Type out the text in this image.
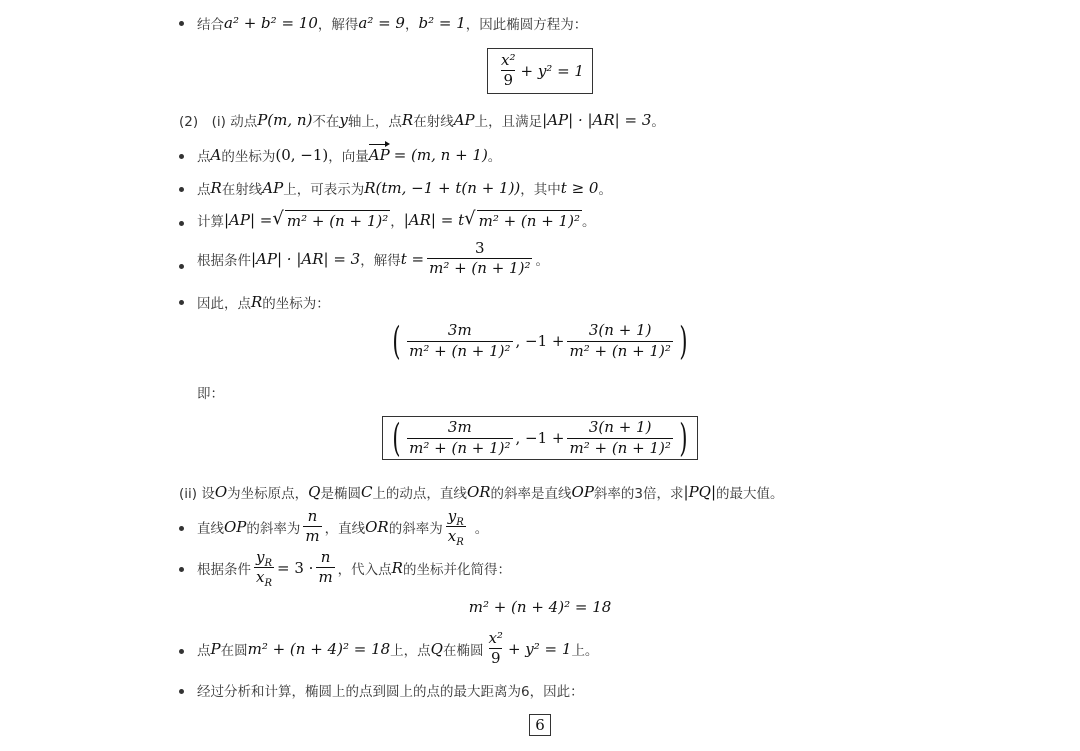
结合 a² + b² = 10 ，解得 a² = 9 ， b² = 1 ，因此椭圆方程为：
$\frac{\text{x²}}{9} + y^2 = 1$
(2)　(i) 动点 P(m, n) 不在 y 轴上，点 R 在射线 AP 上，且满足 |AP| · |AR| = 3 。
点 A 的坐标为 (0, −1) ，向量 AP = (m, n + 1) 。
点 R 在射线 AP 上，可表示为 R(tm, −1 + t(n + 1)) ，其中 t ≥ 0 。
计算 |AP| = √ m² + (n + 1)² ， |AR| = t √ m² + (n + 1)² 。
根据条件 |AP| · |AR| = 3 ，解得 $t = \frac{3}{\text{m² + (n + 1)²}}$ 。
因此，点 R 的坐标为：
( $\frac{3m}{\text{m² + (n + 1)²}}$ , $-1 + \frac{3(n + 1)}{\text{m² + (n + 1)²}}$ )
即：
( $\frac{3m}{\text{m² + (n + 1)²}}$ , $-1 + \frac{3(n + 1)}{\text{m² + (n + 1)²}}$ )
(ii) 设 O 为坐标原点， Q 是椭圆 C 上的动点，直线 OR 的斜率是直线 OP 斜率的3倍，求 |PQ| 的最大值。
直线 OP 的斜率为 $\frac{n}{m}$ ，直线 OR 的斜率为 $\frac{y_R}{x_R}$ 。
根据条件 $\frac{y_R}{x_R} = 3 \cdot \frac{n}{m}$ ，代入点 R 的坐标并化简得：
m² + (n + 4)² = 18
点 P 在圆 m² + (n + 4)² = 18 上，点 Q 在椭圆 $\frac{\text{x²}}{9} + y^2 = 1$ 上。
经过分析和计算，椭圆上的点到圆上的点的最大距离为6，因此：
6
